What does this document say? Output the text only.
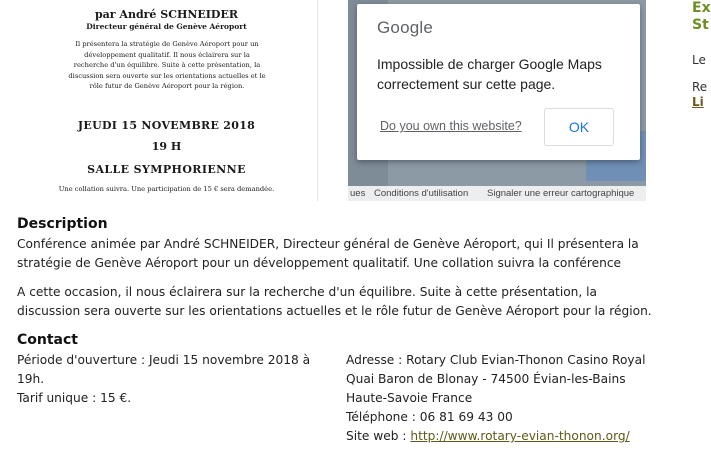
par André SCHNEIDER
Directeur général de Genève Aéroport
Il présentera la stratégie de Genève Aéroport pour un développement qualitatif. Il nous éclairera sur la recherche d'un équilibre. Suite à cette présentation, la discussion sera ouverte sur les orientations actuelles et le rôle futur de Genève Aéroport pour la région.
JEUDI 15 NOVEMBRE 2018
19 H
SALLE SYMPHORIENNE
Une collation suivra. Une participation de 15 € sera demandée.	ues Conditions d'utilisation Signaler une erreur cartographique
Google
Impossible de charger Google Maps correctement sur cette page.
Do you own this website?	OK
Ex
St
Le
Re
Li
Description
Conférence animée par André SCHNEIDER, Directeur général de Genève Aéroport, qui Il présentera la stratégie de Genève Aéroport pour un développement qualitatif. Une collation suivra la conférence
A cette occasion, il nous éclairera sur la recherche d'un équilibre. Suite à cette présentation, la discussion sera ouverte sur les orientations actuelles et le rôle futur de Genève Aéroport pour la région.
Contact
Période d'ouverture : Jeudi 15 novembre 2018 à 19h.
Tarif unique : 15 €.
Adresse : Rotary Club Evian-Thonon Casino Royal Quai Baron de Blonay - 74500 Évian-les-Bains Haute-Savoie France
Téléphone : 06 81 69 43 00
Site web : http://www.rotary-evian-thonon.org/
